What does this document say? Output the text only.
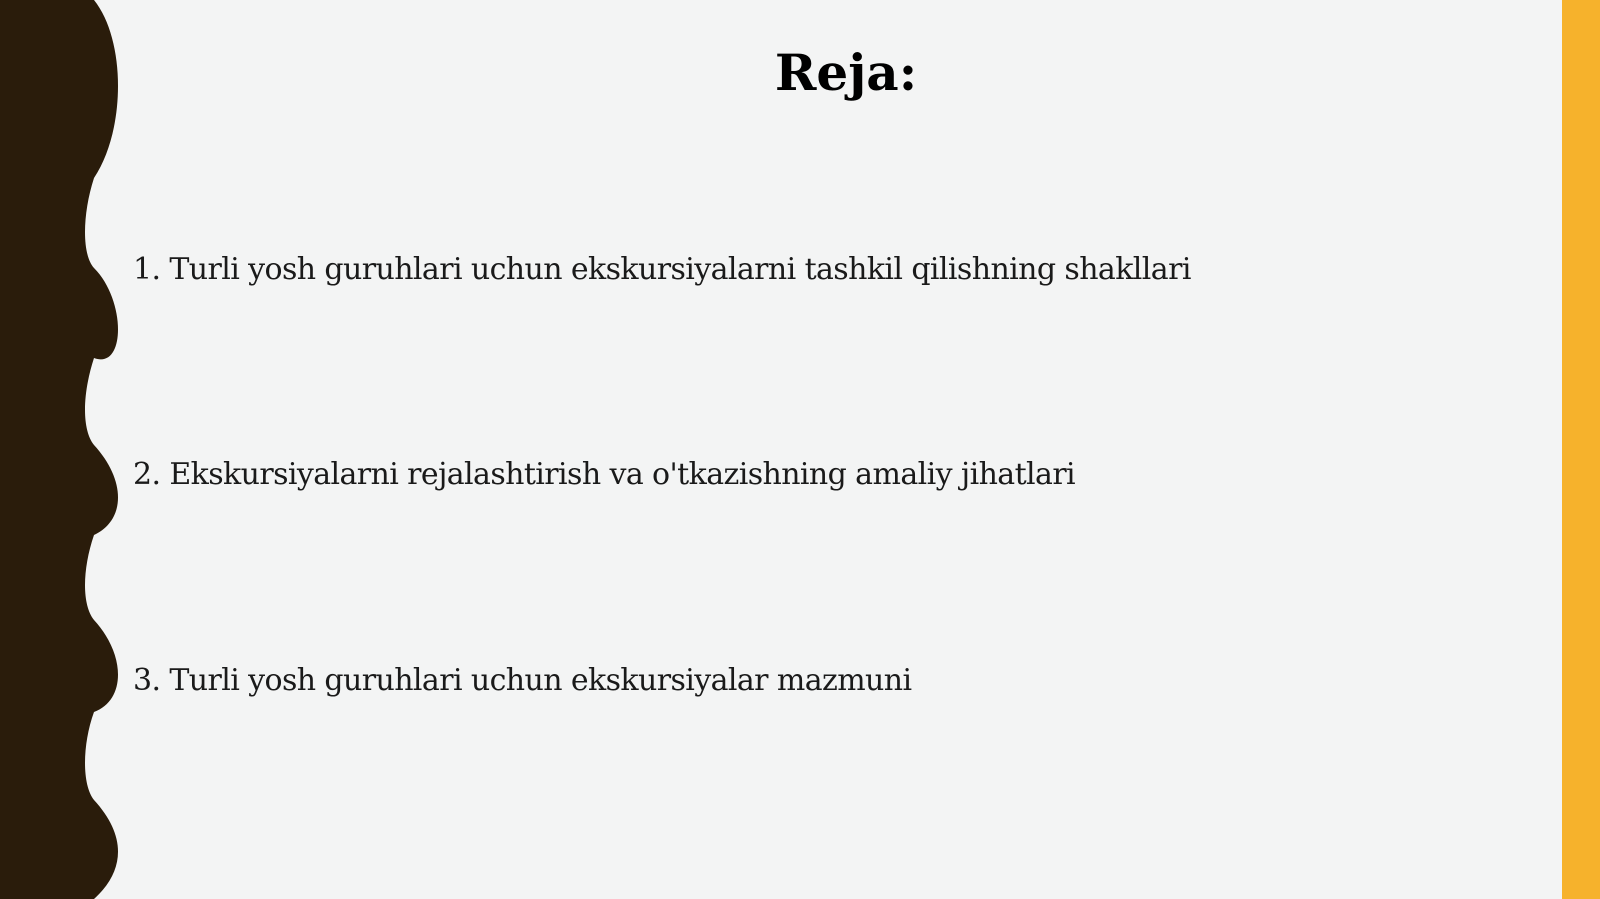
Reja:
1. Turli yosh guruhlari uchun ekskursiyalarni tashkil qilishning shakllari
2. Ekskursiyalarni rejalashtirish va o'tkazishning amaliy jihatlari
3. Turli yosh guruhlari uchun ekskursiyalar mazmuni
